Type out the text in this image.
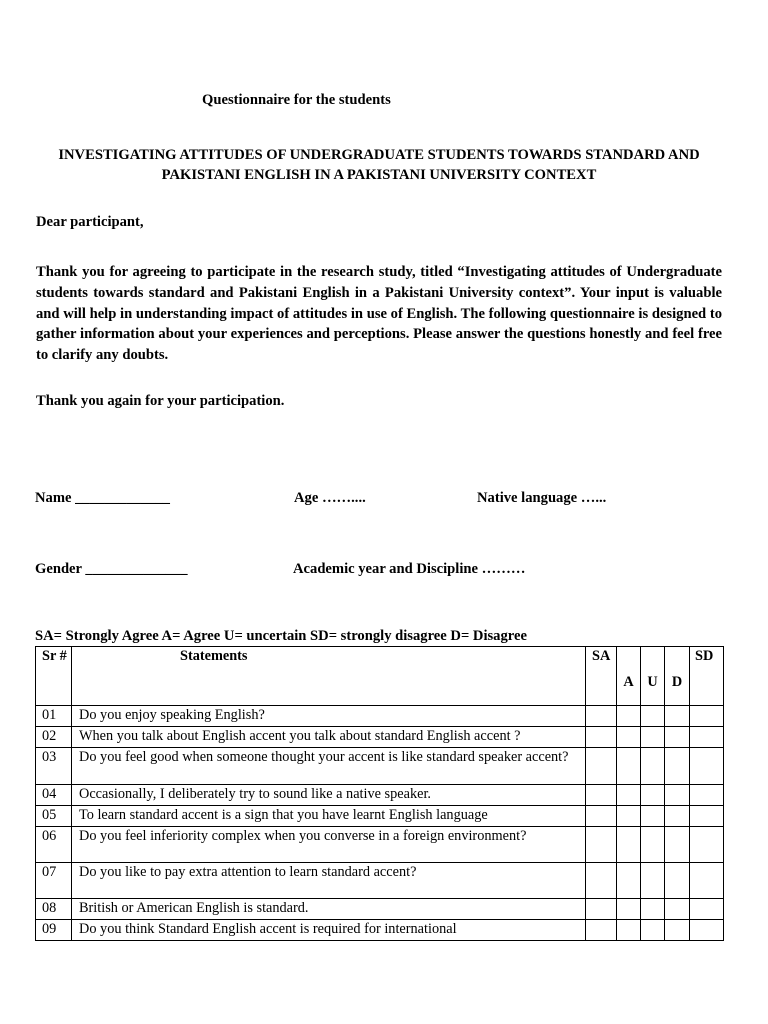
Questionnaire for the students
INVESTIGATING ATTITUDES OF UNDERGRADUATE STUDENTS TOWARDS STANDARD AND PAKISTANI ENGLISH IN A PAKISTANI UNIVERSITY CONTEXT
Dear participant,
Thank you for agreeing to participate in the research study, titled “Investigating attitudes of Undergraduate students towards standard and Pakistani English in a Pakistani University context”. Your input is valuable and will help in understanding impact of attitudes in use of English. The following questionnaire is designed to gather information about your experiences and perceptions. Please answer the questions honestly and feel free to clarify any doubts.
Thank you again for your participation.
Name _____________	Age ……....	Native language …...
Gender ______________	Academic year and Discipline ………
SA= Strongly Agree A= Agree U= uncertain SD= strongly disagree D= Disagree
Sr #	Statements	SA	A	U	D	SD
01	Do you enjoy speaking English?					
02	When you talk about English accent you talk about standard English accent ?					
03	Do you feel good when someone thought your accent is like standard speaker accent?					
04	Occasionally, I deliberately try to sound like a native speaker.					
05	To learn standard accent is a sign that you have learnt English language					
06	Do you feel inferiority complex when you converse in a foreign environment?					
07	Do you like to pay extra attention to learn standard accent?					
08	British or American English is standard.					
09	Do you think Standard English accent is required for international					
